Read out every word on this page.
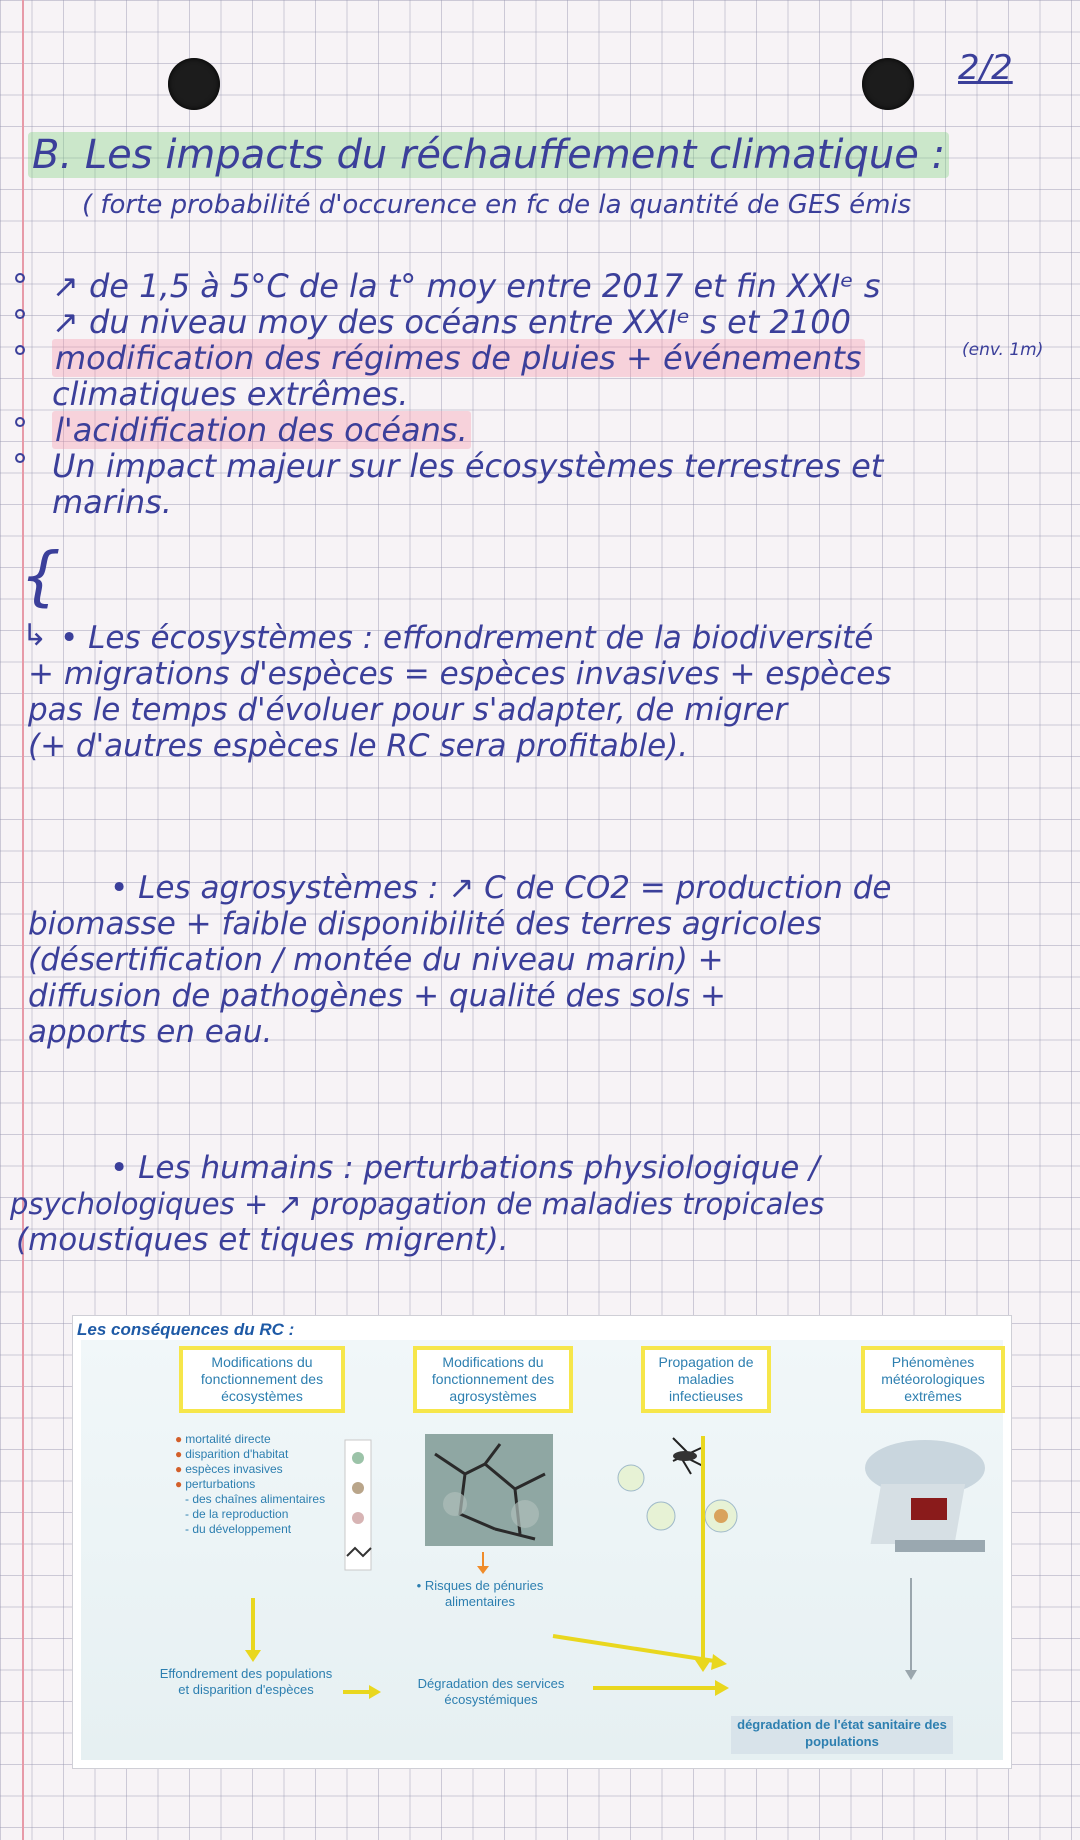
2/2
B. Les impacts du réchauffement climatique :
( forte probabilité d'occurence en fc de la quantité de GES émis
° ↗ de 1,5 à 5°C de la t° moy entre 2017 et fin XXIᵉ s
° ↗ du niveau moy des océans entre XXIᵉ s et 2100
$^{(env. 1m)}$
° modification des régimes de pluies + événements
climatiques extrêmes.
° l'acidification des océans.
° Un impact majeur sur les écosystèmes terrestres et
marins.
{
↳ • Les écosystèmes : effondrement de la biodiversité
+ migrations d'espèces = espèces invasives + espèces
pas le temps d'évoluer pour s'adapter, de migrer
(+ d'autres espèces le RC sera profitable).
• Les agrosystèmes : ↗ C de CO2 = production de
biomasse + faible disponibilité des terres agricoles
(désertification / montée du niveau marin) +
diffusion de pathogènes + qualité des sols +
apports en eau.
• Les humains : perturbations physiologique /
psychologiques + ↗ propagation de maladies tropicales
(moustiques et tiques migrent).
Les conséquences du RC :
Modifications du fonctionnement des écosystèmes
Modifications du fonctionnement des agrosystèmes
Propagation de maladies infectieuses
Phénomènes météorologiques extrêmes
● mortalité directe
● disparition d'habitat
● espèces invasives
● perturbations
- des chaînes alimentaires
- de la reproduction
- du développement
• Risques de pénuries alimentaires
Effondrement des populations et disparition d'espèces	Dégradation des services écosystémiques
dégradation de l'état sanitaire des populations
